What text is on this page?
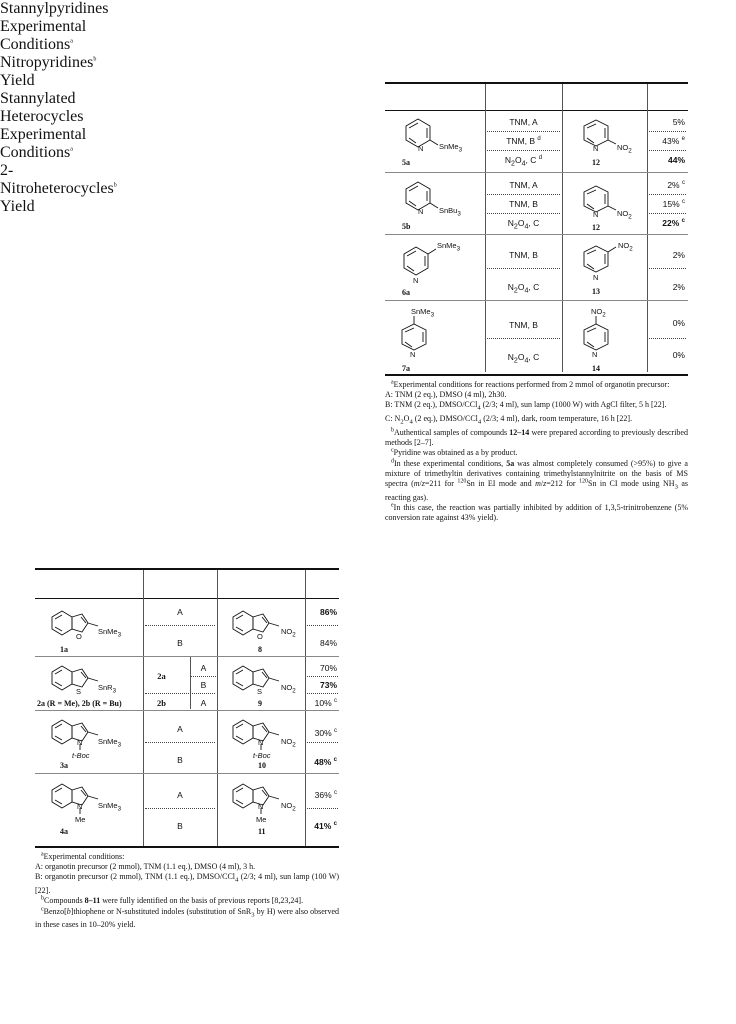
Stannylpyridines
Experimental
Conditions$^a$
Nitropyridines$^b$
Yield
N SnMe$_3$
5a
TNM, A
TNM, B $^d$
$N_2O_4$, C $^d$
N $NO_2$
12
5%
43% $^e$
44%
N SnBu$_3$
5b
TNM, A
TNM, B
$N_2O_4$, C
N $NO_2$
12
2% $^c$
15% $^c$
22% $^c$
N
SnMe$_3$
6a
TNM, B
$N_2O_4$, C
N
$NO_2$
13
2%
2%
SnMe$_3$
N
7a
TNM, B
$N_2O_4$, C
$NO_2$
N
14
0%
0%

$^a$Experimental conditions for reactions performed from 2 mmol of organotin precursor:

A: TNM (2 eq.), DMSO (4 ml), 2h30.

B: TNM (2 eq.), DMSO/CCl$_4$ (2/3; 4 ml), sun lamp (1000 W) with AgCl filter, 5 h [22].

C: $N_2O_4$ (2 eq.), DMSO/CCl$_4$ (2/3; 4 ml), dark, room temperature, 16 h [22].

$^b$Authentical samples of compounds 12–14 were prepared according to previously described methods [2–7].

$^c$Pyridine was obtained as a by product.

$^d$In these experimental conditions, 5a was almost completely consumed (>95%) to give a mixture of trimethyltin derivatives containing trimethylstannylnitrite on the basis of MS spectra (m/z=211 for $^{120}$Sn in EI mode and m/z=212 for $^{120}$Sn in CI mode using $NH_3$ as reacting gas).

$^e$In this case, the reaction was partially inhibited by addition of 1,3,5-trinitrobenzene (5% conversion rate against 43% yield).

Stannylated
Heterocycles
Experimental
Conditions$^a$
2-Nitroheterocycles$^b$
Yield
O
SnMe$_3$
1a
A
B
O
$NO_2$
8
86%
84%
S SnR$_3$
2a (R = Me), 2b (R = Bu)
2a
A
B
2b	A
S	$NO_2$
9
70%
73%
10% $^c$
N SnMe$_3$
t-Boc
3a
A
B
N $NO_2$
t-Boc
10
30% $^c$
48% $^c$
N SnMe$_3$
Me
4a
A
B
N $NO_2$
Me
11
36% $^c$
41% $^c$

$^a$Experimental conditions:

A: organotin precursor (2 mmol), TNM (1.1 eq.), DMSO (4 ml), 3 h.

B: organotin precursor (2 mmol), TNM (1.1 eq.), DMSO/CCl$_4$ (2/3; 4 ml), sun lamp (100 W) [22].

$^b$Compounds 8–11 were fully identified on the basis of previous reports [8,23,24].

$^c$Benzo[b]thiophene or N-substituted indoles (substitution of SnR$_3$ by H) were also observed in these cases in 10–20% yield.
